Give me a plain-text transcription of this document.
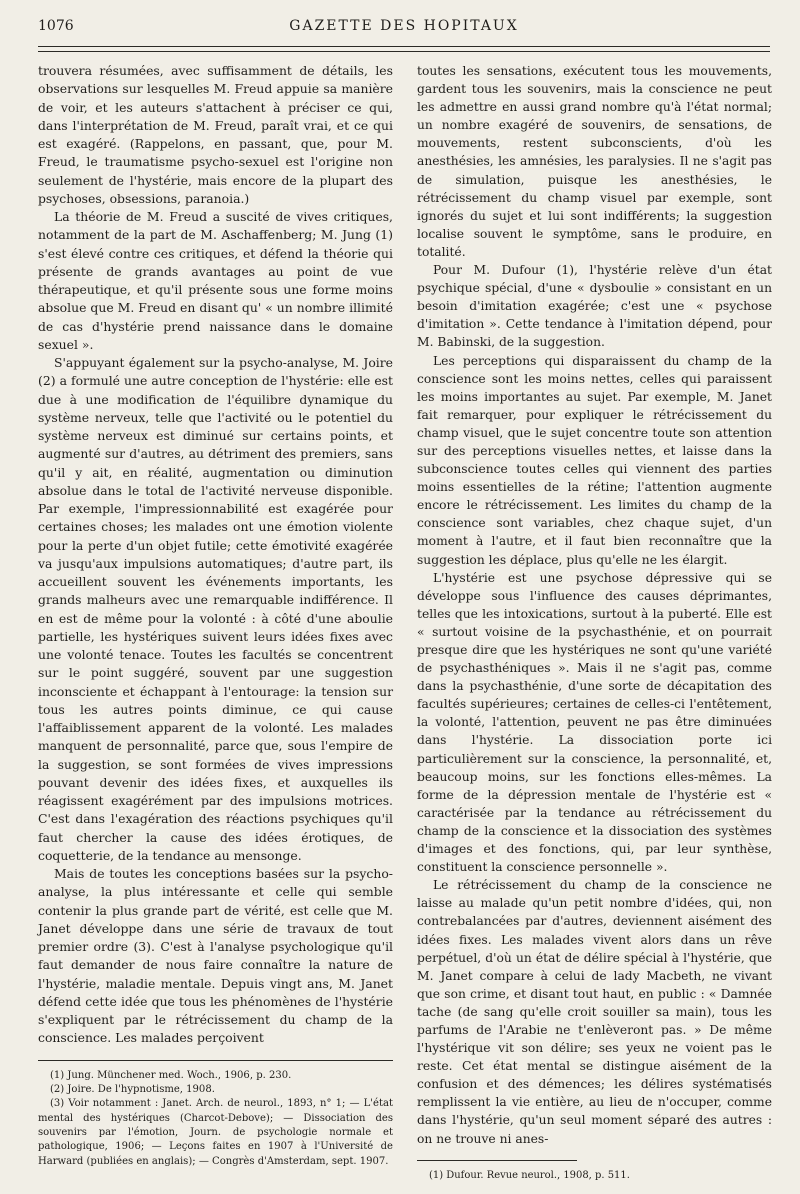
1076	GAZETTE DES HOPITAUX

trouvera résumées, avec suffisamment de détails, les observations sur lesquelles M. Freud appuie sa manière de voir, et les auteurs s'attachent à préciser ce qui, dans l'interprétation de M. Freud, paraît vrai, et ce qui est exagéré. (Rappelons, en passant, que, pour M. Freud, le traumatisme psycho-sexuel est l'origine non seulement de l'hystérie, mais encore de la plupart des psychoses, obsessions, paranoia.)

La théorie de M. Freud a suscité de vives critiques, notamment de la part de M. Aschaffenberg; M. Jung (1) s'est élevé contre ces critiques, et défend la théorie qui présente de grands avantages au point de vue thérapeutique, et qu'il présente sous une forme moins absolue que M. Freud en disant qu' « un nombre illimité de cas d'hystérie prend naissance dans le domaine sexuel ».

S'appuyant également sur la psycho-analyse, M. Joire (2) a formulé une autre conception de l'hystérie: elle est due à une modification de l'équilibre dynamique du système nerveux, telle que l'activité ou le potentiel du système nerveux est diminué sur certains points, et augmenté sur d'autres, au détriment des premiers, sans qu'il y ait, en réalité, augmentation ou diminution absolue dans le total de l'activité nerveuse disponible. Par exemple, l'impressionnabilité est exagérée pour certaines choses; les malades ont une émotion violente pour la perte d'un objet futile; cette émotivité exagérée va jusqu'aux impulsions automatiques; d'autre part, ils accueillent souvent les événements importants, les grands malheurs avec une remarquable indifférence. Il en est de même pour la volonté : à côté d'une aboulie partielle, les hystériques suivent leurs idées fixes avec une volonté tenace. Toutes les facultés se concentrent sur le point suggéré, souvent par une suggestion inconsciente et échappant à l'entourage: la tension sur tous les autres points diminue, ce qui cause l'affaiblissement apparent de la volonté. Les malades manquent de personnalité, parce que, sous l'empire de la suggestion, se sont formées de vives impressions pouvant devenir des idées fixes, et auxquelles ils réagissent exagérément par des impulsions motrices. C'est dans l'exagération des réactions psychiques qu'il faut chercher la cause des idées érotiques, de coquetterie, de la tendance au mensonge.

Mais de toutes les conceptions basées sur la psycho-analyse, la plus intéressante et celle qui semble contenir la plus grande part de vérité, est celle que M. Janet développe dans une série de travaux de tout premier ordre (3). C'est à l'analyse psychologique qu'il faut demander de nous faire connaître la nature de l'hystérie, maladie mentale. Depuis vingt ans, M. Janet défend cette idée que tous les phénomènes de l'hystérie s'expliquent par le rétrécissement du champ de la conscience. Les malades perçoivent

(1) Jung. Münchener med. Woch., 1906, p. 230.

(2) Joire. De l'hypnotisme, 1908.

(3) Voir notamment : Janet. Arch. de neurol., 1893, n° 1; — L'état mental des hystériques (Charcot-Debove); — Dissociation des souvenirs par l'émotion, Journ. de psychologie normale et pathologique, 1906; — Leçons faites en 1907 à l'Université de Harward (publiées en anglais); — Congrès d'Amsterdam, sept. 1907.

toutes les sensations, exécutent tous les mouvements, gardent tous les souvenirs, mais la conscience ne peut les admettre en aussi grand nombre qu'à l'état normal; un nombre exagéré de souvenirs, de sensations, de mouvements, restent subconscients, d'où les anesthésies, les amnésies, les paralysies. Il ne s'agit pas de simulation, puisque les anesthésies, le rétrécissement du champ visuel par exemple, sont ignorés du sujet et lui sont indifférents; la suggestion localise souvent le symptôme, sans le produire, en totalité.

Pour M. Dufour (1), l'hystérie relève d'un état psychique spécial, d'une « dysboulie » consistant en un besoin d'imitation exagérée; c'est une « psychose d'imitation ». Cette tendance à l'imitation dépend, pour M. Babinski, de la suggestion.

Les perceptions qui disparaissent du champ de la conscience sont les moins nettes, celles qui paraissent les moins importantes au sujet. Par exemple, M. Janet fait remarquer, pour expliquer le rétrécissement du champ visuel, que le sujet concentre toute son attention sur des perceptions visuelles nettes, et laisse dans la subconscience toutes celles qui viennent des parties moins essentielles de la rétine; l'attention augmente encore le rétrécissement. Les limites du champ de la conscience sont variables, chez chaque sujet, d'un moment à l'autre, et il faut bien reconnaître que la suggestion les déplace, plus qu'elle ne les élargit.

L'hystérie est une psychose dépressive qui se développe sous l'influence des causes déprimantes, telles que les intoxications, surtout à la puberté. Elle est « surtout voisine de la psychasthénie, et on pourrait presque dire que les hystériques ne sont qu'une variété de psychasthéniques ». Mais il ne s'agit pas, comme dans la psychasthénie, d'une sorte de décapitation des facultés supérieures; certaines de celles-ci l'entêtement, la volonté, l'attention, peuvent ne pas être diminuées dans l'hystérie. La dissociation porte ici particulièrement sur la conscience, la personnalité, et, beaucoup moins, sur les fonctions elles-mêmes. La forme de la dépression mentale de l'hystérie est « caractérisée par la tendance au rétrécissement du champ de la conscience et la dissociation des systèmes d'images et des fonctions, qui, par leur synthèse, constituent la conscience personnelle ».

Le rétrécissement du champ de la conscience ne laisse au malade qu'un petit nombre d'idées, qui, non contrebalancées par d'autres, deviennent aisément des idées fixes. Les malades vivent alors dans un rêve perpétuel, d'où un état de délire spécial à l'hystérie, que M. Janet compare à celui de lady Macbeth, ne vivant que son crime, et disant tout haut, en public : « Damnée tache (de sang qu'elle croit souiller sa main), tous les parfums de l'Arabie ne t'enlèveront pas. » De même l'hystérique vit son délire; ses yeux ne voient pas le reste. Cet état mental se distingue aisément de la confusion et des démences; les délires systématisés remplissent la vie entière, au lieu de n'occuper, comme dans l'hystérie, qu'un seul moment séparé des autres : on ne trouve ni anes-

(1) Dufour. Revue neurol., 1908, p. 511.
